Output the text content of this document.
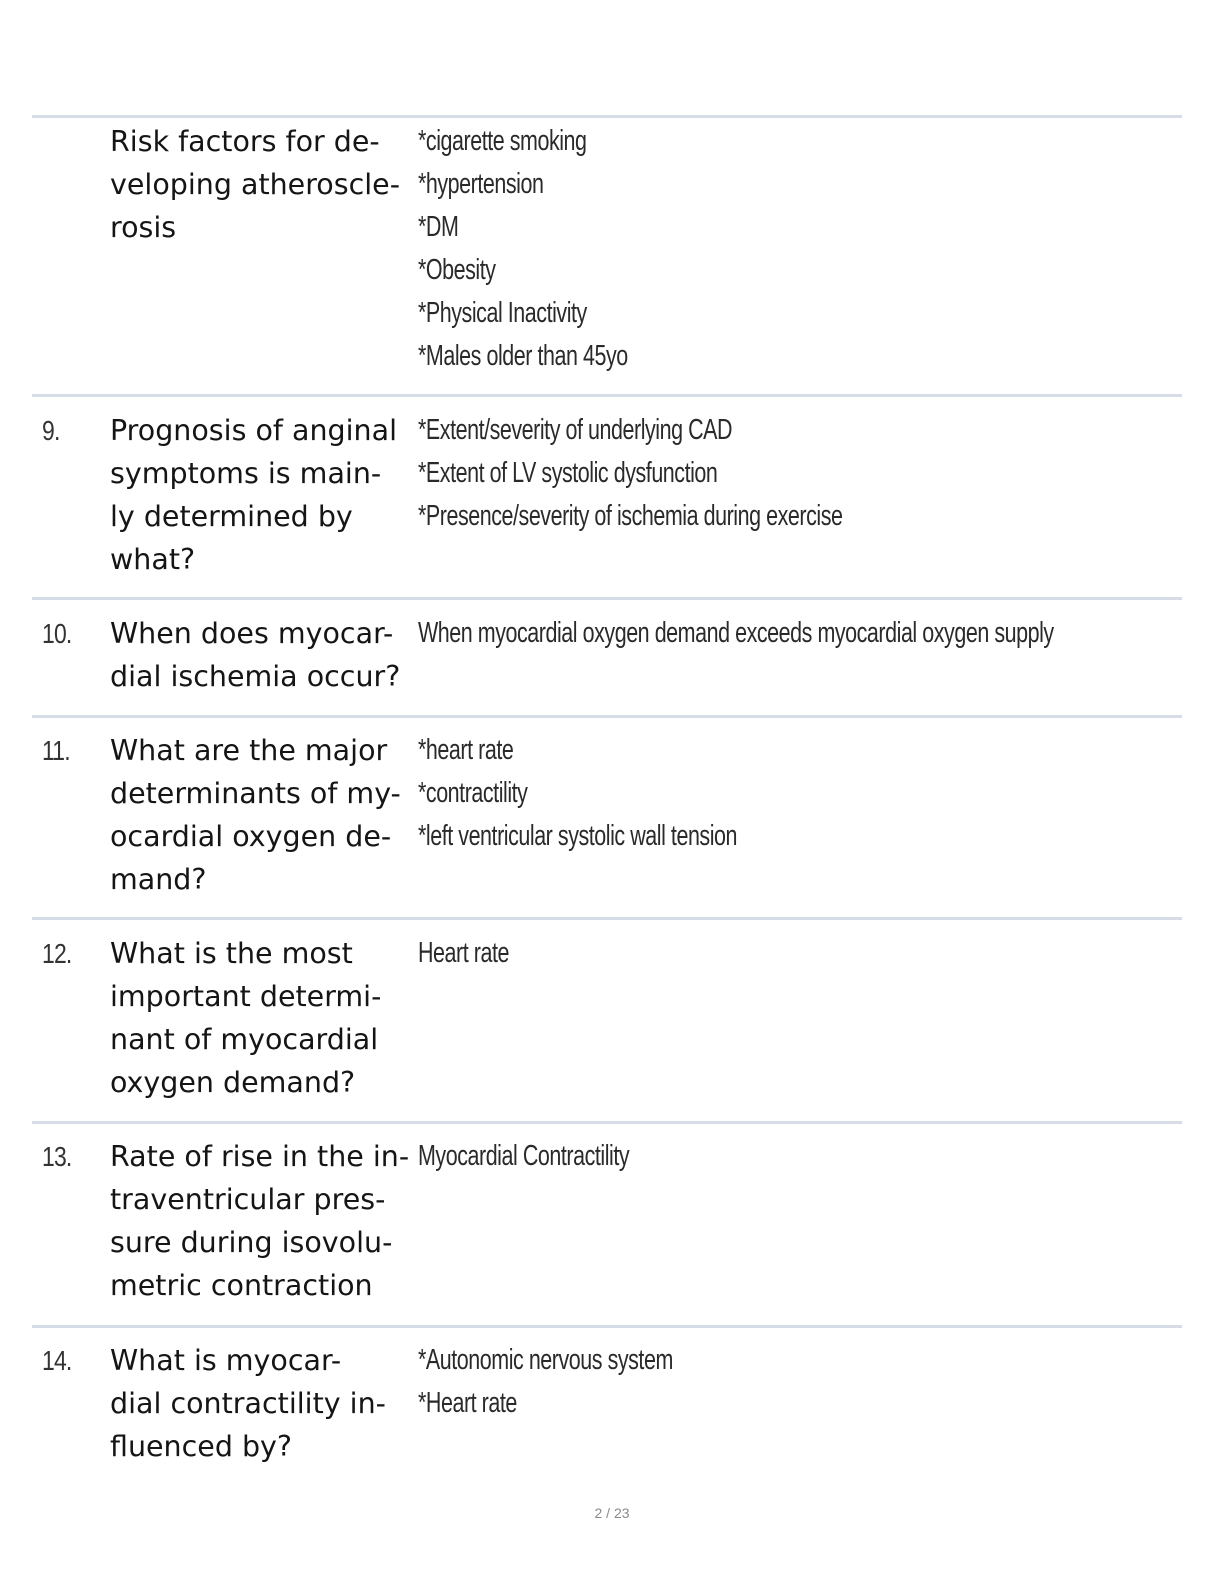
Risk factors for de-
veloping atheroscle-
rosis
*cigarette smoking
*hypertension
*DM
*Obesity
*Physical Inactivity
*Males older than 45yo
9. Prognosis of anginal
symptoms is main-
ly determined by
what?
*Extent/severity of underlying CAD
*Extent of LV systolic dysfunction
*Presence/severity of ischemia during exercise
10. When does myocar-
dial ischemia occur?
When myocardial oxygen demand exceeds myocardial oxygen supply
11. What are the major
determinants of my-
ocardial oxygen de-
mand?
*heart rate
*contractility
*left ventricular systolic wall tension
12. What is the most
important determi-
nant of myocardial
oxygen demand?
Heart rate
13. Rate of rise in the in-
traventricular pres-
sure during isovolu-
metric contraction
Myocardial Contractility
14. What is myocar-
dial contractility in-
fluenced by?
*Autonomic nervous system
*Heart rate
2 / 23
